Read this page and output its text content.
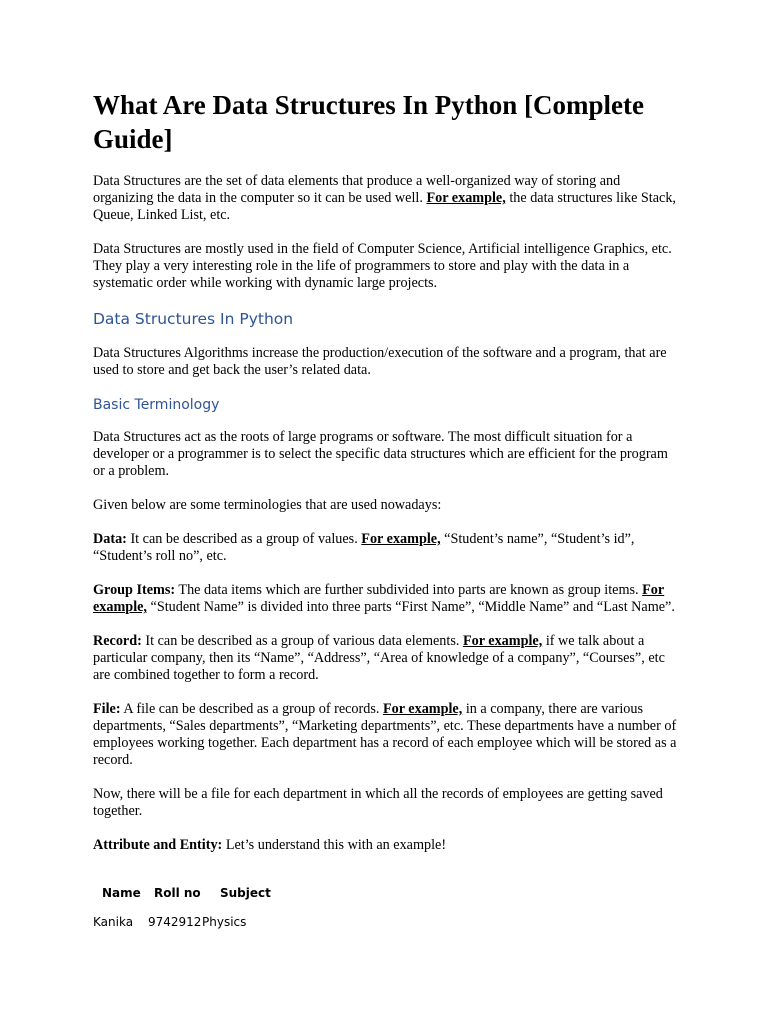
What Are Data Structures In Python [Complete Guide]

Data Structures are the set of data elements that produce a well-organized way of storing and organizing the data in the computer so it can be used well. For example, the data structures like Stack, Queue, Linked List, etc.

Data Structures are mostly used in the field of Computer Science, Artificial intelligence Graphics, etc. They play a very interesting role in the life of programmers to store and play with the data in a systematic order while working with dynamic large projects.

Data Structures In Python

Data Structures Algorithms increase the production/execution of the software and a program, that are used to store and get back the user’s related data.

Basic Terminology

Data Structures act as the roots of large programs or software. The most difficult situation for a developer or a programmer is to select the specific data structures which are efficient for the program or a problem.

Given below are some terminologies that are used nowadays:

Data: It can be described as a group of values. For example, “Student’s name”, “Student’s id”, “Student’s roll no”, etc.

Group Items: The data items which are further subdivided into parts are known as group items. For example, “Student Name” is divided into three parts “First Name”, “Middle Name” and “Last Name”.

Record: It can be described as a group of various data elements. For example, if we talk about a particular company, then its “Name”, “Address”, “Area of knowledge of a company”, “Courses”, etc are combined together to form a record.

File: A file can be described as a group of records. For example, in a company, there are various departments, “Sales departments”, “Marketing departments”, etc. These departments have a number of employees working together. Each department has a record of each employee which will be stored as a record.

Now, there will be a file for each department in which all the records of employees are getting saved together.

Attribute and Entity: Let’s understand this with an example!

Name Roll no Subject
Kanika 9742912 Physics
